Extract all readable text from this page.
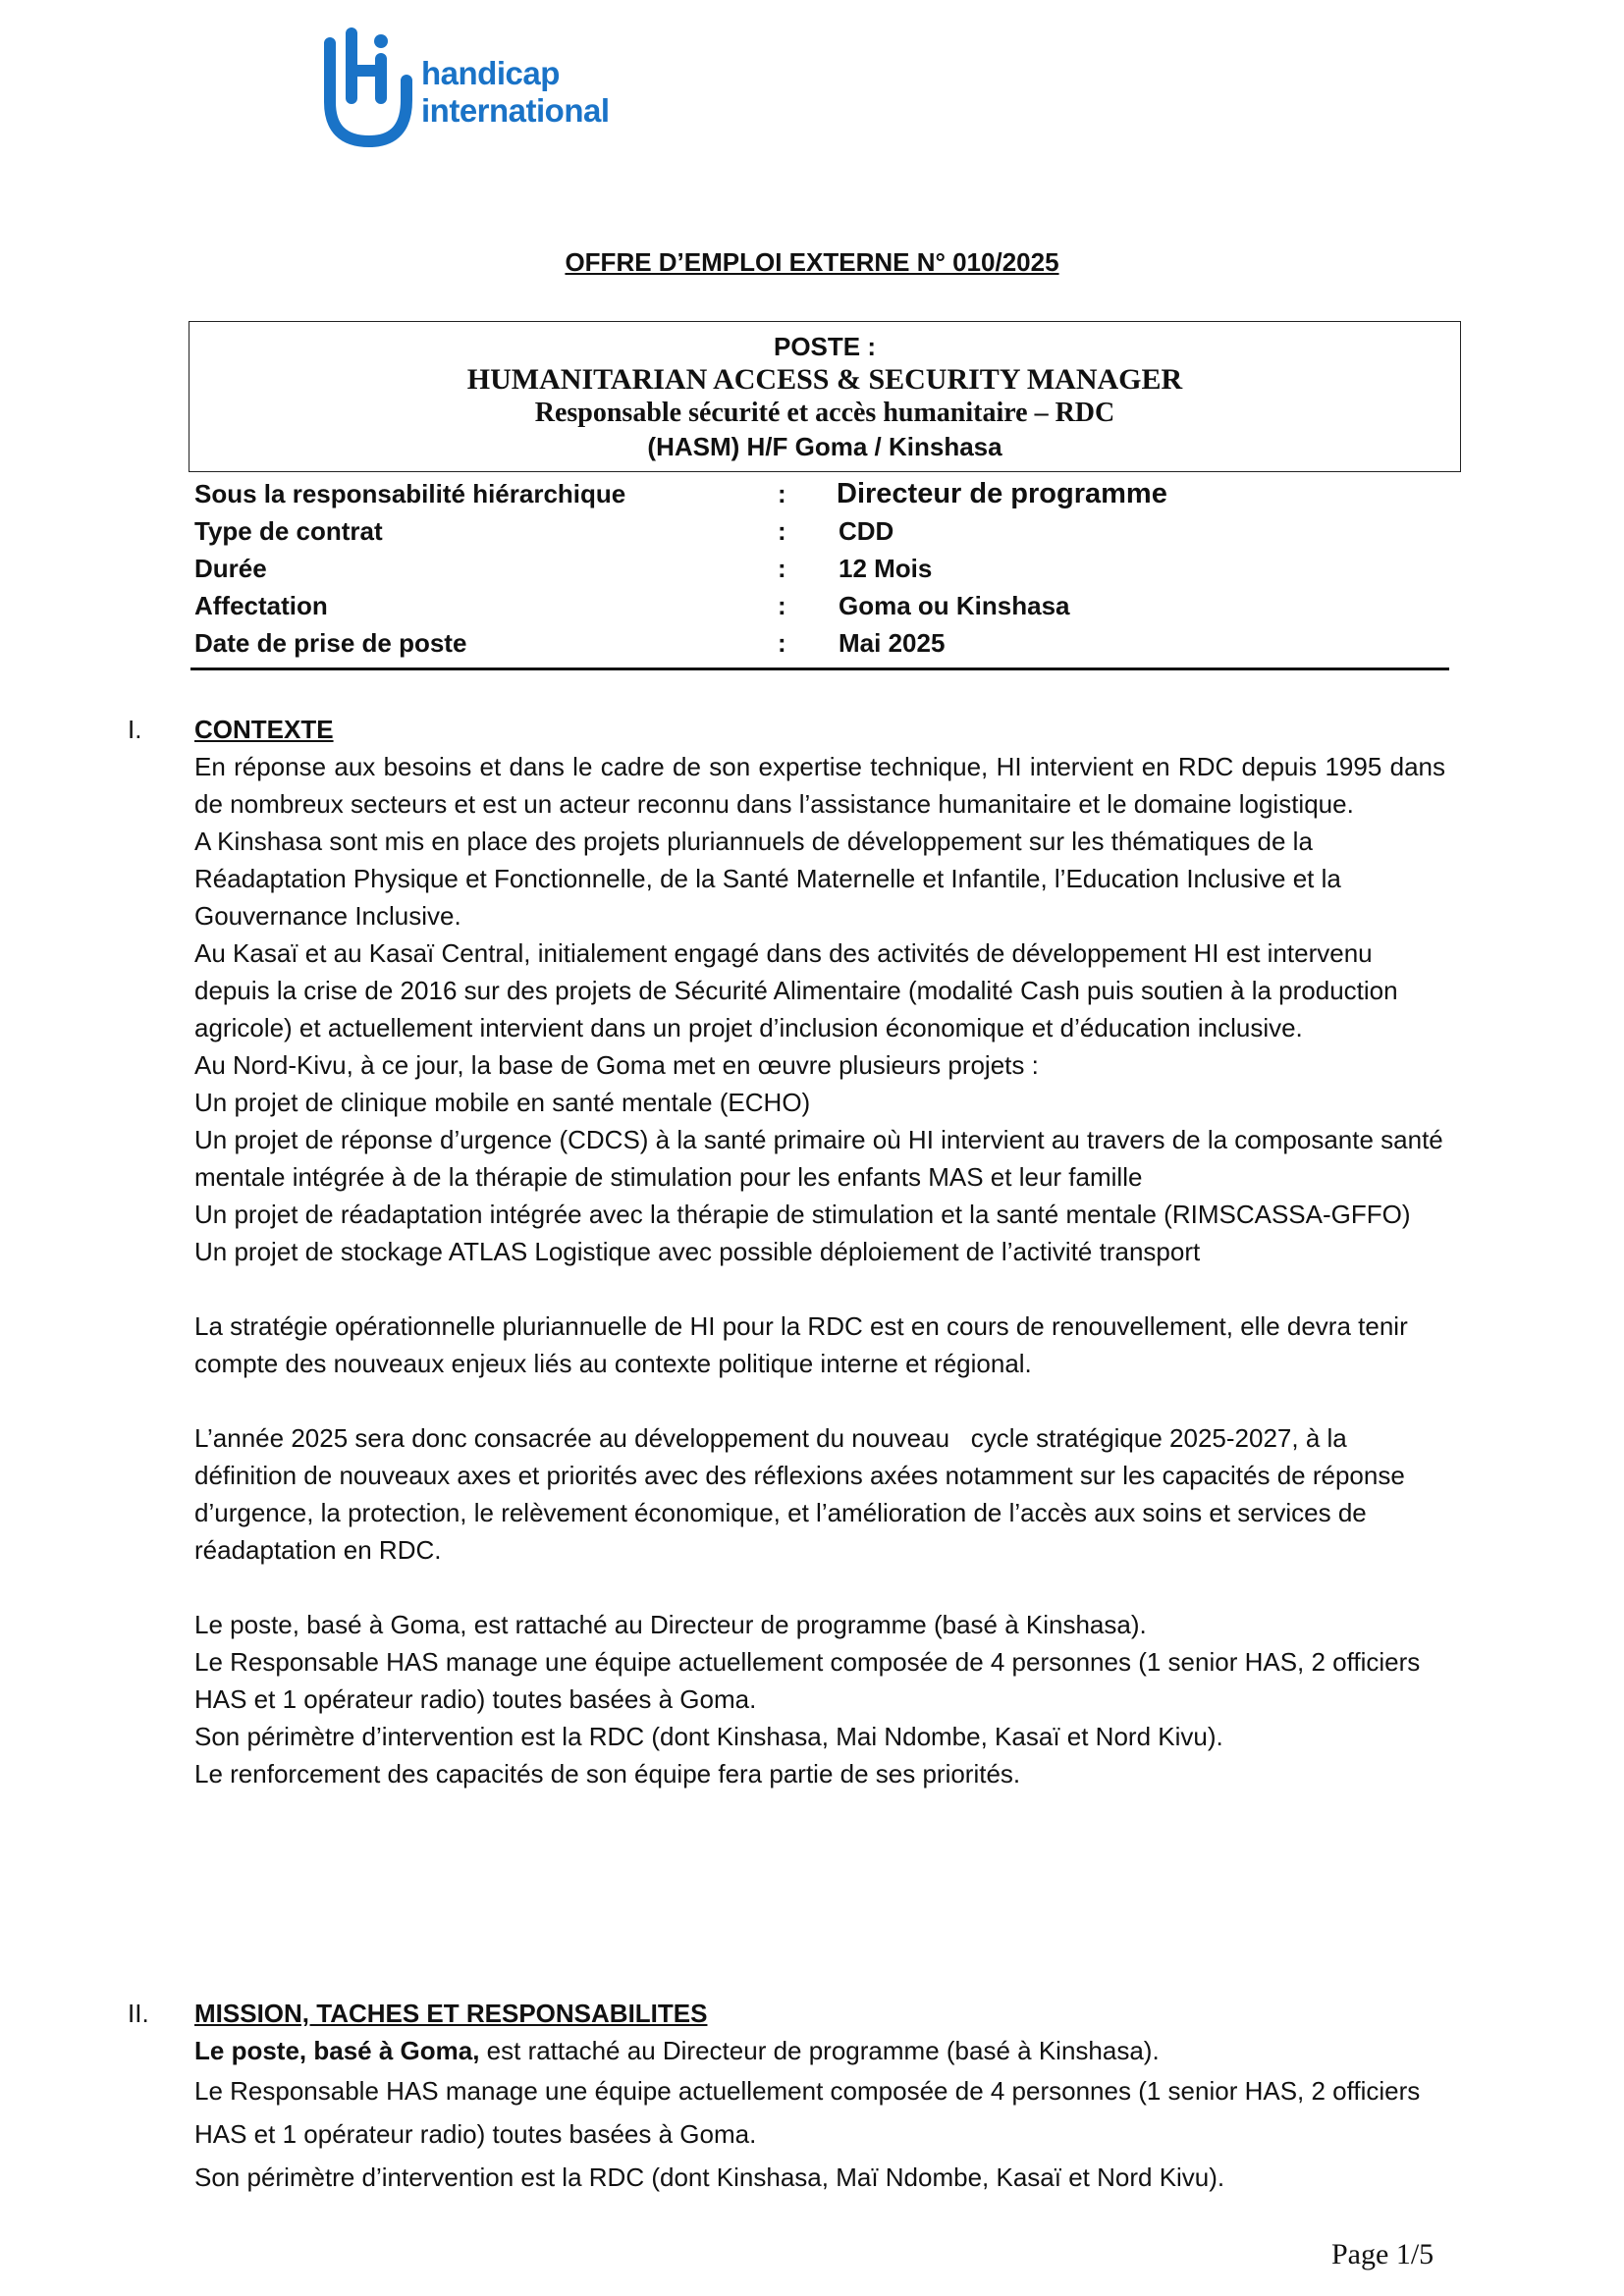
handicap
international
OFFRE D’EMPLOI EXTERNE N° 010/2025
POSTE :
HUMANITARIAN ACCESS & SECURITY MANAGER
Responsable sécurité et accès humanitaire – RDC
(HASM) H/F Goma / Kinshasa
Sous la responsabilité hiérarchique	: Directeur de programme
Type de contrat	: CDD
Durée	: 12 Mois
Affectation	: Goma ou Kinshasa
Date de prise de poste	: Mai 2025
I. CONTEXTE

En réponse aux besoins et dans le cadre de son expertise technique, HI intervient en RDC depuis 1995 dans de nombreux secteurs et est un acteur reconnu dans l’assistance humanitaire et le domaine logistique.

A Kinshasa sont mis en place des projets pluriannuels de développement sur les thématiques de la Réadaptation Physique et Fonctionnelle, de la Santé Maternelle et Infantile, l’Education Inclusive et la Gouvernance Inclusive.

Au Kasaï et au Kasaï Central, initialement engagé dans des activités de développement HI est intervenu depuis la crise de 2016 sur des projets de Sécurité Alimentaire (modalité Cash puis soutien à la production agricole) et actuellement intervient dans un projet d’inclusion économique et d’éducation inclusive.

Au Nord-Kivu, à ce jour, la base de Goma met en œuvre plusieurs projets :

Un projet de clinique mobile en santé mentale (ECHO)

Un projet de réponse d’urgence (CDCS) à la santé primaire où HI intervient au travers de la composante santé mentale intégrée à de la thérapie de stimulation pour les enfants MAS et leur famille

Un projet de réadaptation intégrée avec la thérapie de stimulation et la santé mentale (RIMSCASSA-GFFO)

Un projet de stockage ATLAS Logistique avec possible déploiement de l’activité transport

La stratégie opérationnelle pluriannuelle de HI pour la RDC est en cours de renouvellement, elle devra tenir compte des nouveaux enjeux liés au contexte politique interne et régional.

L’année 2025 sera donc consacrée au développement du nouveau   cycle stratégique 2025-2027, à la définition de nouveaux axes et priorités avec des réflexions axées notamment sur les capacités de réponse d’urgence, la protection, le relèvement économique, et l’amélioration de l’accès aux soins et services de réadaptation en RDC.

Le poste, basé à Goma, est rattaché au Directeur de programme (basé à Kinshasa).

Le Responsable HAS manage une équipe actuellement composée de 4 personnes (1 senior HAS, 2 officiers HAS et 1 opérateur radio) toutes basées à Goma.

Son périmètre d’intervention est la RDC (dont Kinshasa, Mai Ndombe, Kasaï et Nord Kivu).

Le renforcement des capacités de son équipe fera partie de ses priorités.

II. MISSION, TACHES ET RESPONSABILITES

Le poste, basé à Goma, est rattaché au Directeur de programme (basé à Kinshasa).

Le Responsable HAS manage une équipe actuellement composée de 4 personnes (1 senior HAS, 2 officiers HAS et 1 opérateur radio) toutes basées à Goma.

Son périmètre d’intervention est la RDC (dont Kinshasa, Maï Ndombe, Kasaï et Nord Kivu).

Page 1/5
